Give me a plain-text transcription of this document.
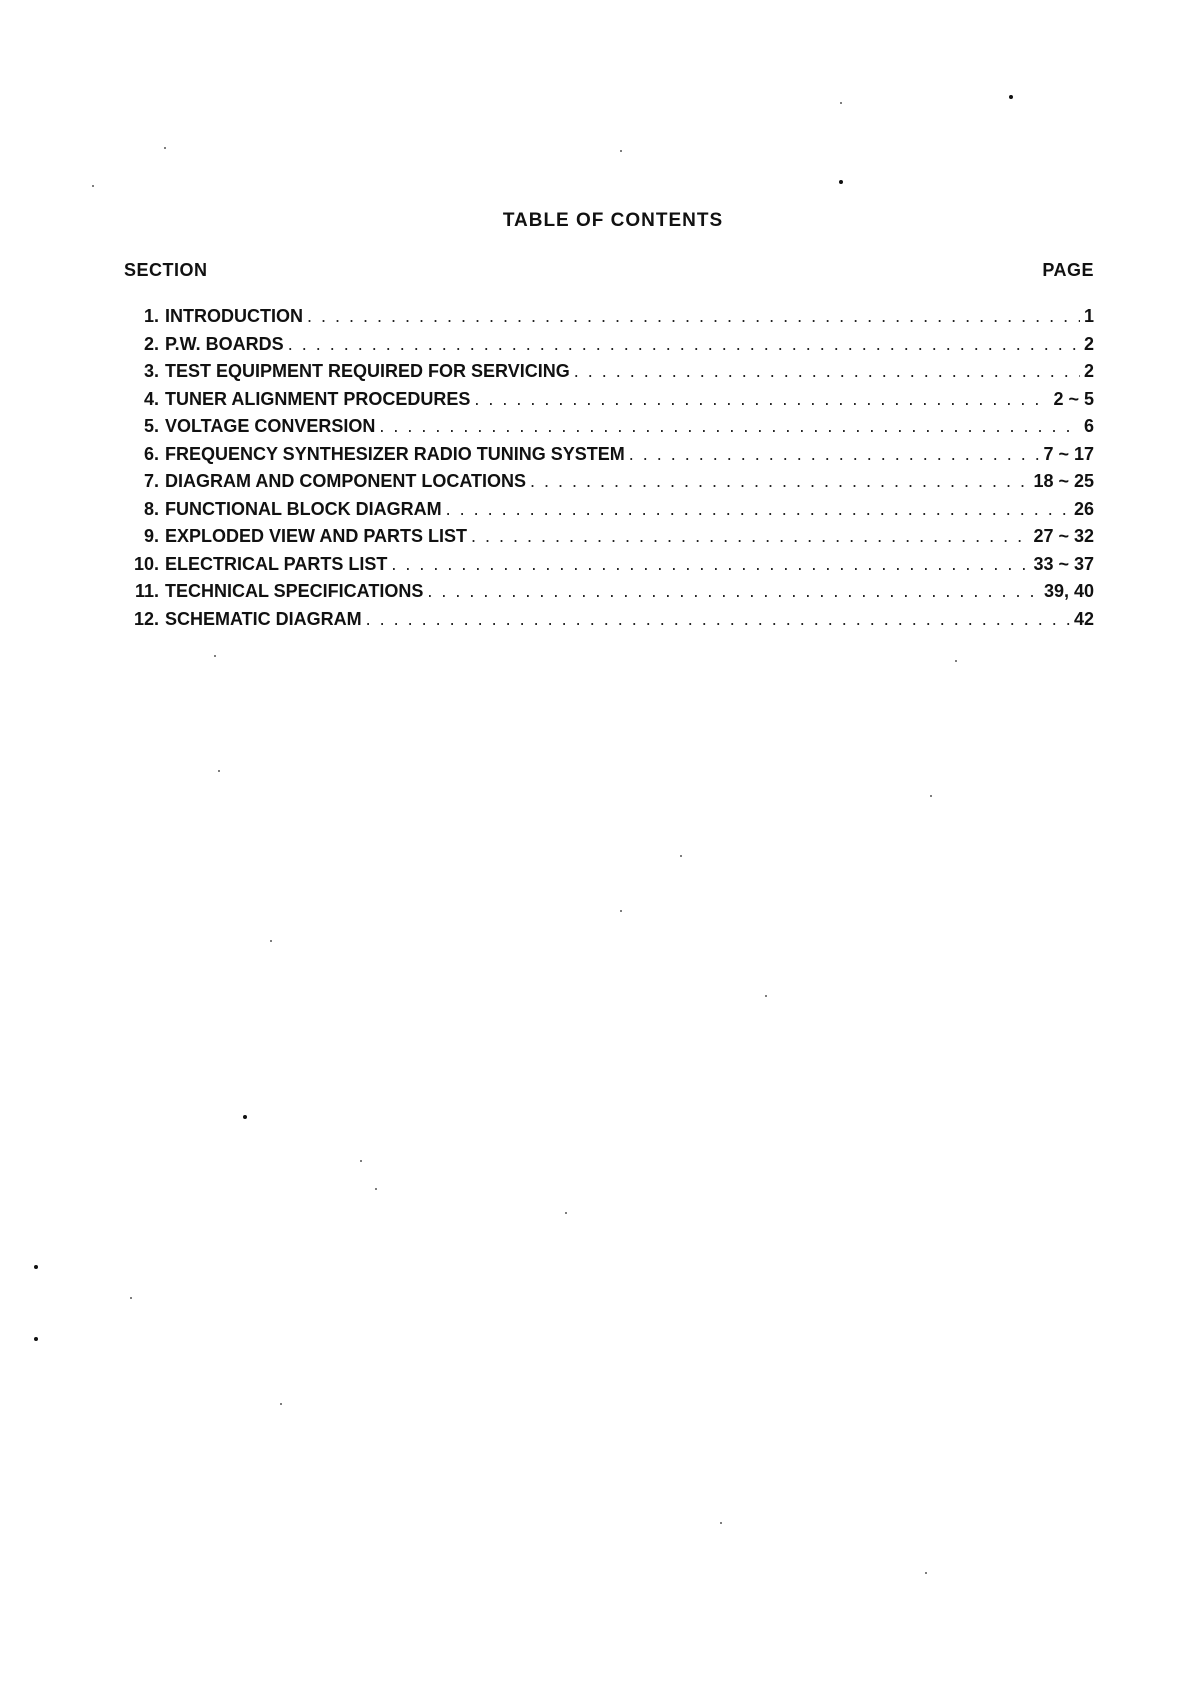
TABLE OF CONTENTS
SECTION	PAGE
1. INTRODUCTION . . .	1
2. P.W. BOARDS . . .	2
3. TEST EQUIPMENT REQUIRED FOR SERVICING . . .	2
4. TUNER ALIGNMENT PROCEDURES . . .	2 ~ 5
5. VOLTAGE CONVERSION . . .	6
6. FREQUENCY SYNTHESIZER RADIO TUNING SYSTEM . . .	7 ~ 17
7. DIAGRAM AND COMPONENT LOCATIONS . . .	18 ~ 25
8. FUNCTIONAL BLOCK DIAGRAM . . .	26
9. EXPLODED VIEW AND PARTS LIST . . .	27 ~ 32
10. ELECTRICAL PARTS LIST . . .	33 ~ 37
11. TECHNICAL SPECIFICATIONS . . .	39, 40
12. SCHEMATIC DIAGRAM . . .	42
